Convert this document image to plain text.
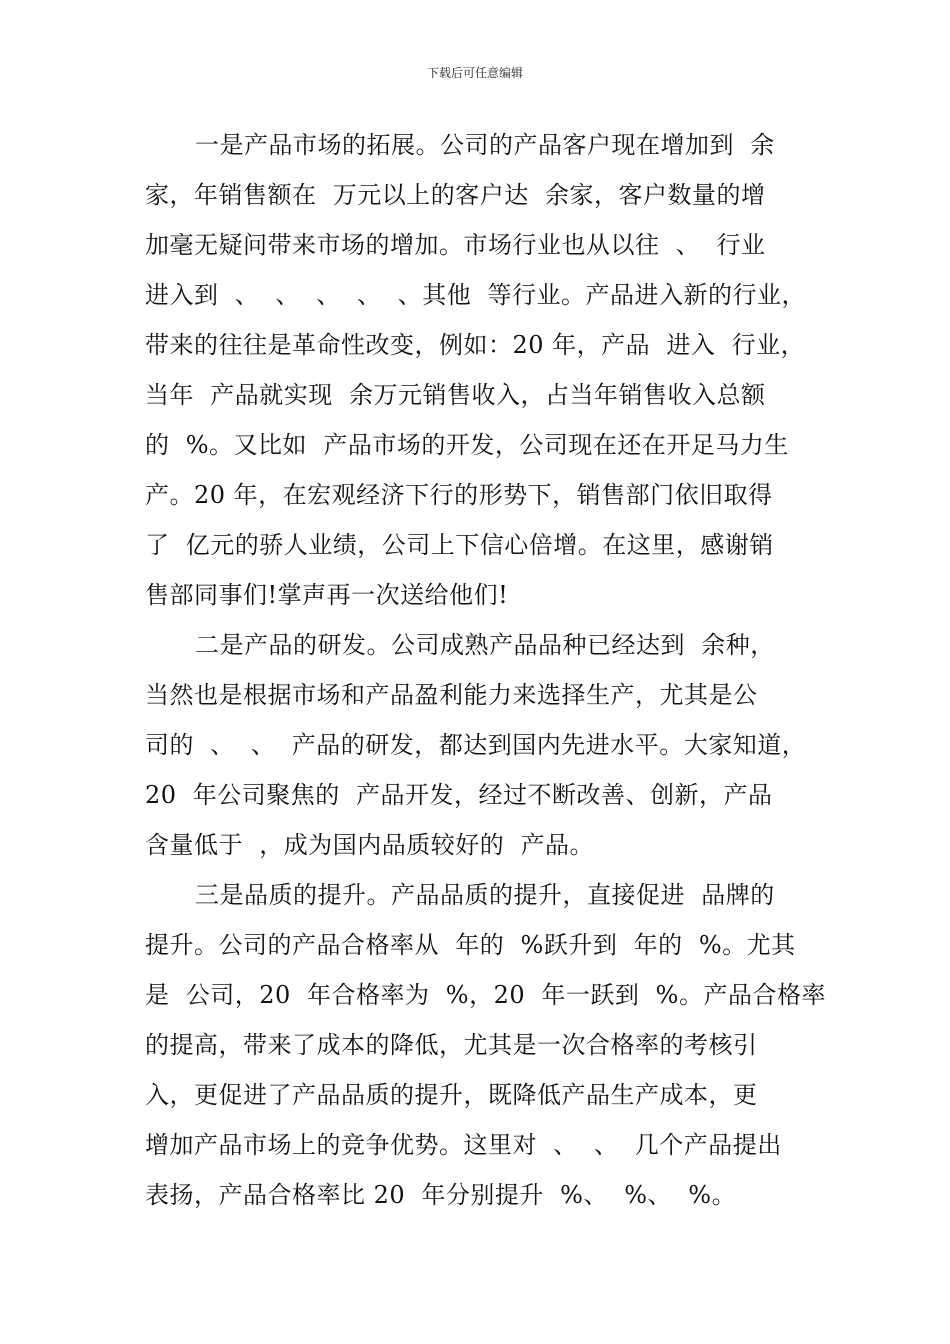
下载后可任意编辑
一是产品市场的拓展。公司的产品客户现在增加到  余
家，年销售额在  万元以上的客户达  余家，客户数量的增
加毫无疑问带来市场的增加。市场行业也从以往  、  行业
进入到  、  、  、  、  、其他  等行业。产品进入新的行业，
带来的往往是革命性改变，例如：20 年，产品  进入  行业，
当年  产品就实现  余万元销售收入，占当年销售收入总额
的  %。又比如  产品市场的开发，公司现在还在开足马力生
产。20 年，在宏观经济下行的形势下，销售部门依旧取得
了  亿元的骄人业绩，公司上下信心倍增。在这里，感谢销
售部同事们!掌声再一次送给他们!
二是产品的研发。公司成熟产品品种已经达到  余种，
当然也是根据市场和产品盈利能力来选择生产，尤其是公
司的  、  、  产品的研发，都达到国内先进水平。大家知道，
20  年公司聚焦的  产品开发，经过不断改善、创新，产品
含量低于  ，成为国内品质较好的  产品。
三是品质的提升。产品品质的提升，直接促进  品牌的
提升。公司的产品合格率从  年的  %跃升到  年的  %。尤其
是  公司，20  年合格率为  %，20  年一跃到  %。产品合格率
的提高，带来了成本的降低，尤其是一次合格率的考核引
入，更促进了产品品质的提升，既降低产品生产成本，更
增加产品市场上的竞争优势。这里对  、  、  几个产品提出
表扬，产品合格率比 20  年分别提升  %、  %、  %。
